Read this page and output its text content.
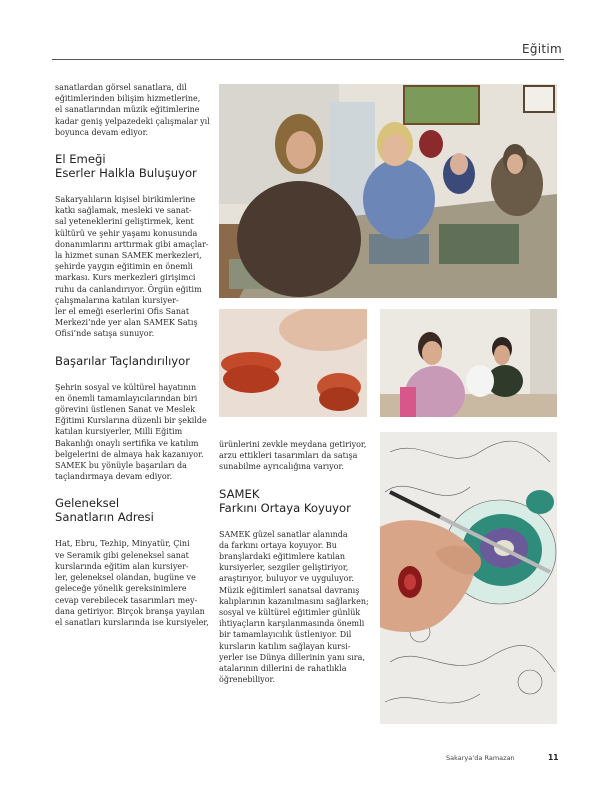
Eğitim

sanatlardan görsel sanatlara, dil
eğitimlerinden bilişim hizmetlerine,
el sanatlarından müzik eğitimlerine
kadar geniş yelpazedeki çalışmalar yıl
boyunca devam ediyor.

El Emeği
Eserler Halkla Buluşuyor

Sakaryalıların kişisel birikimlerine
katkı sağlamak, mesleki ve sanat-
sal yeteneklerini geliştirmek, kent
kültürü ve şehir yaşamı konusunda
donanımlarını arttırmak gibi amaçlar-
la hizmet sunan SAMEK merkezleri,
şehirde yaygın eğitimin en önemli
markası. Kurs merkezleri girişimci
ruhu da canlandırıyor. Örgün eğitim
çalışmalarına katılan kursiyer-
ler el emeği eserlerini Ofis Sanat
Merkezi’nde yer alan SAMEK Satış
Ofisi’nde satışa sunuyor.

Başarılar Taçlandırılıyor

Şehrin sosyal ve kültürel hayatının
en önemli tamamlayıcılarından biri
görevini üstlenen Sanat ve Meslek
Eğitimi Kurslarına düzenli bir şekilde
katılan kursiyerler, Milli Eğitim
Bakanlığı onaylı sertifika ve katılım
belgelerini de almaya hak kazanıyor.
SAMEK bu yönüyle başarıları da
taçlandırmaya devam ediyor.

Geleneksel
Sanatların Adresi

Hat, Ebru, Tezhip, Minyatür, Çini
ve Seramik gibi geleneksel sanat
kurslarında eğitim alan kursiyer-
ler, geleneksel olandan, bugüne ve
geleceğe yönelik gereksinimlere
cevap verebilecek tasarımları mey-
dana getiriyor. Birçok branşa yayılan
el sanatları kurslarında ise kursiyeler,

ürünlerini zevkle meydana getiriyor,
arzu ettikleri tasarımları da satışa
sunabilme ayrıcalığına varıyor.

SAMEK
Farkını Ortaya Koyuyor

SAMEK güzel sanatlar alanında
da farkını ortaya koyuyor. Bu
branşlardaki eğitimlere katılan
kursiyerler, sezgiler geliştiriyor,
araştırıyor, buluyor ve uyguluyor.
Müzik eğitimleri sanatsal davranış
kalıplarının kazanılmasını sağlarken;
sosyal ve kültürel eğitimler günlük
ihtiyaçların karşılanmasında önemli
bir tamamlayıcılık üstleniyor. Dil
kursların katılım sağlayan kursi-
yerler ise Dünya dillerinin yanı sıra,
atalarının dillerini de rahatlıkla
öğrenebiliyor.

Sakarya’da Ramazan	11
